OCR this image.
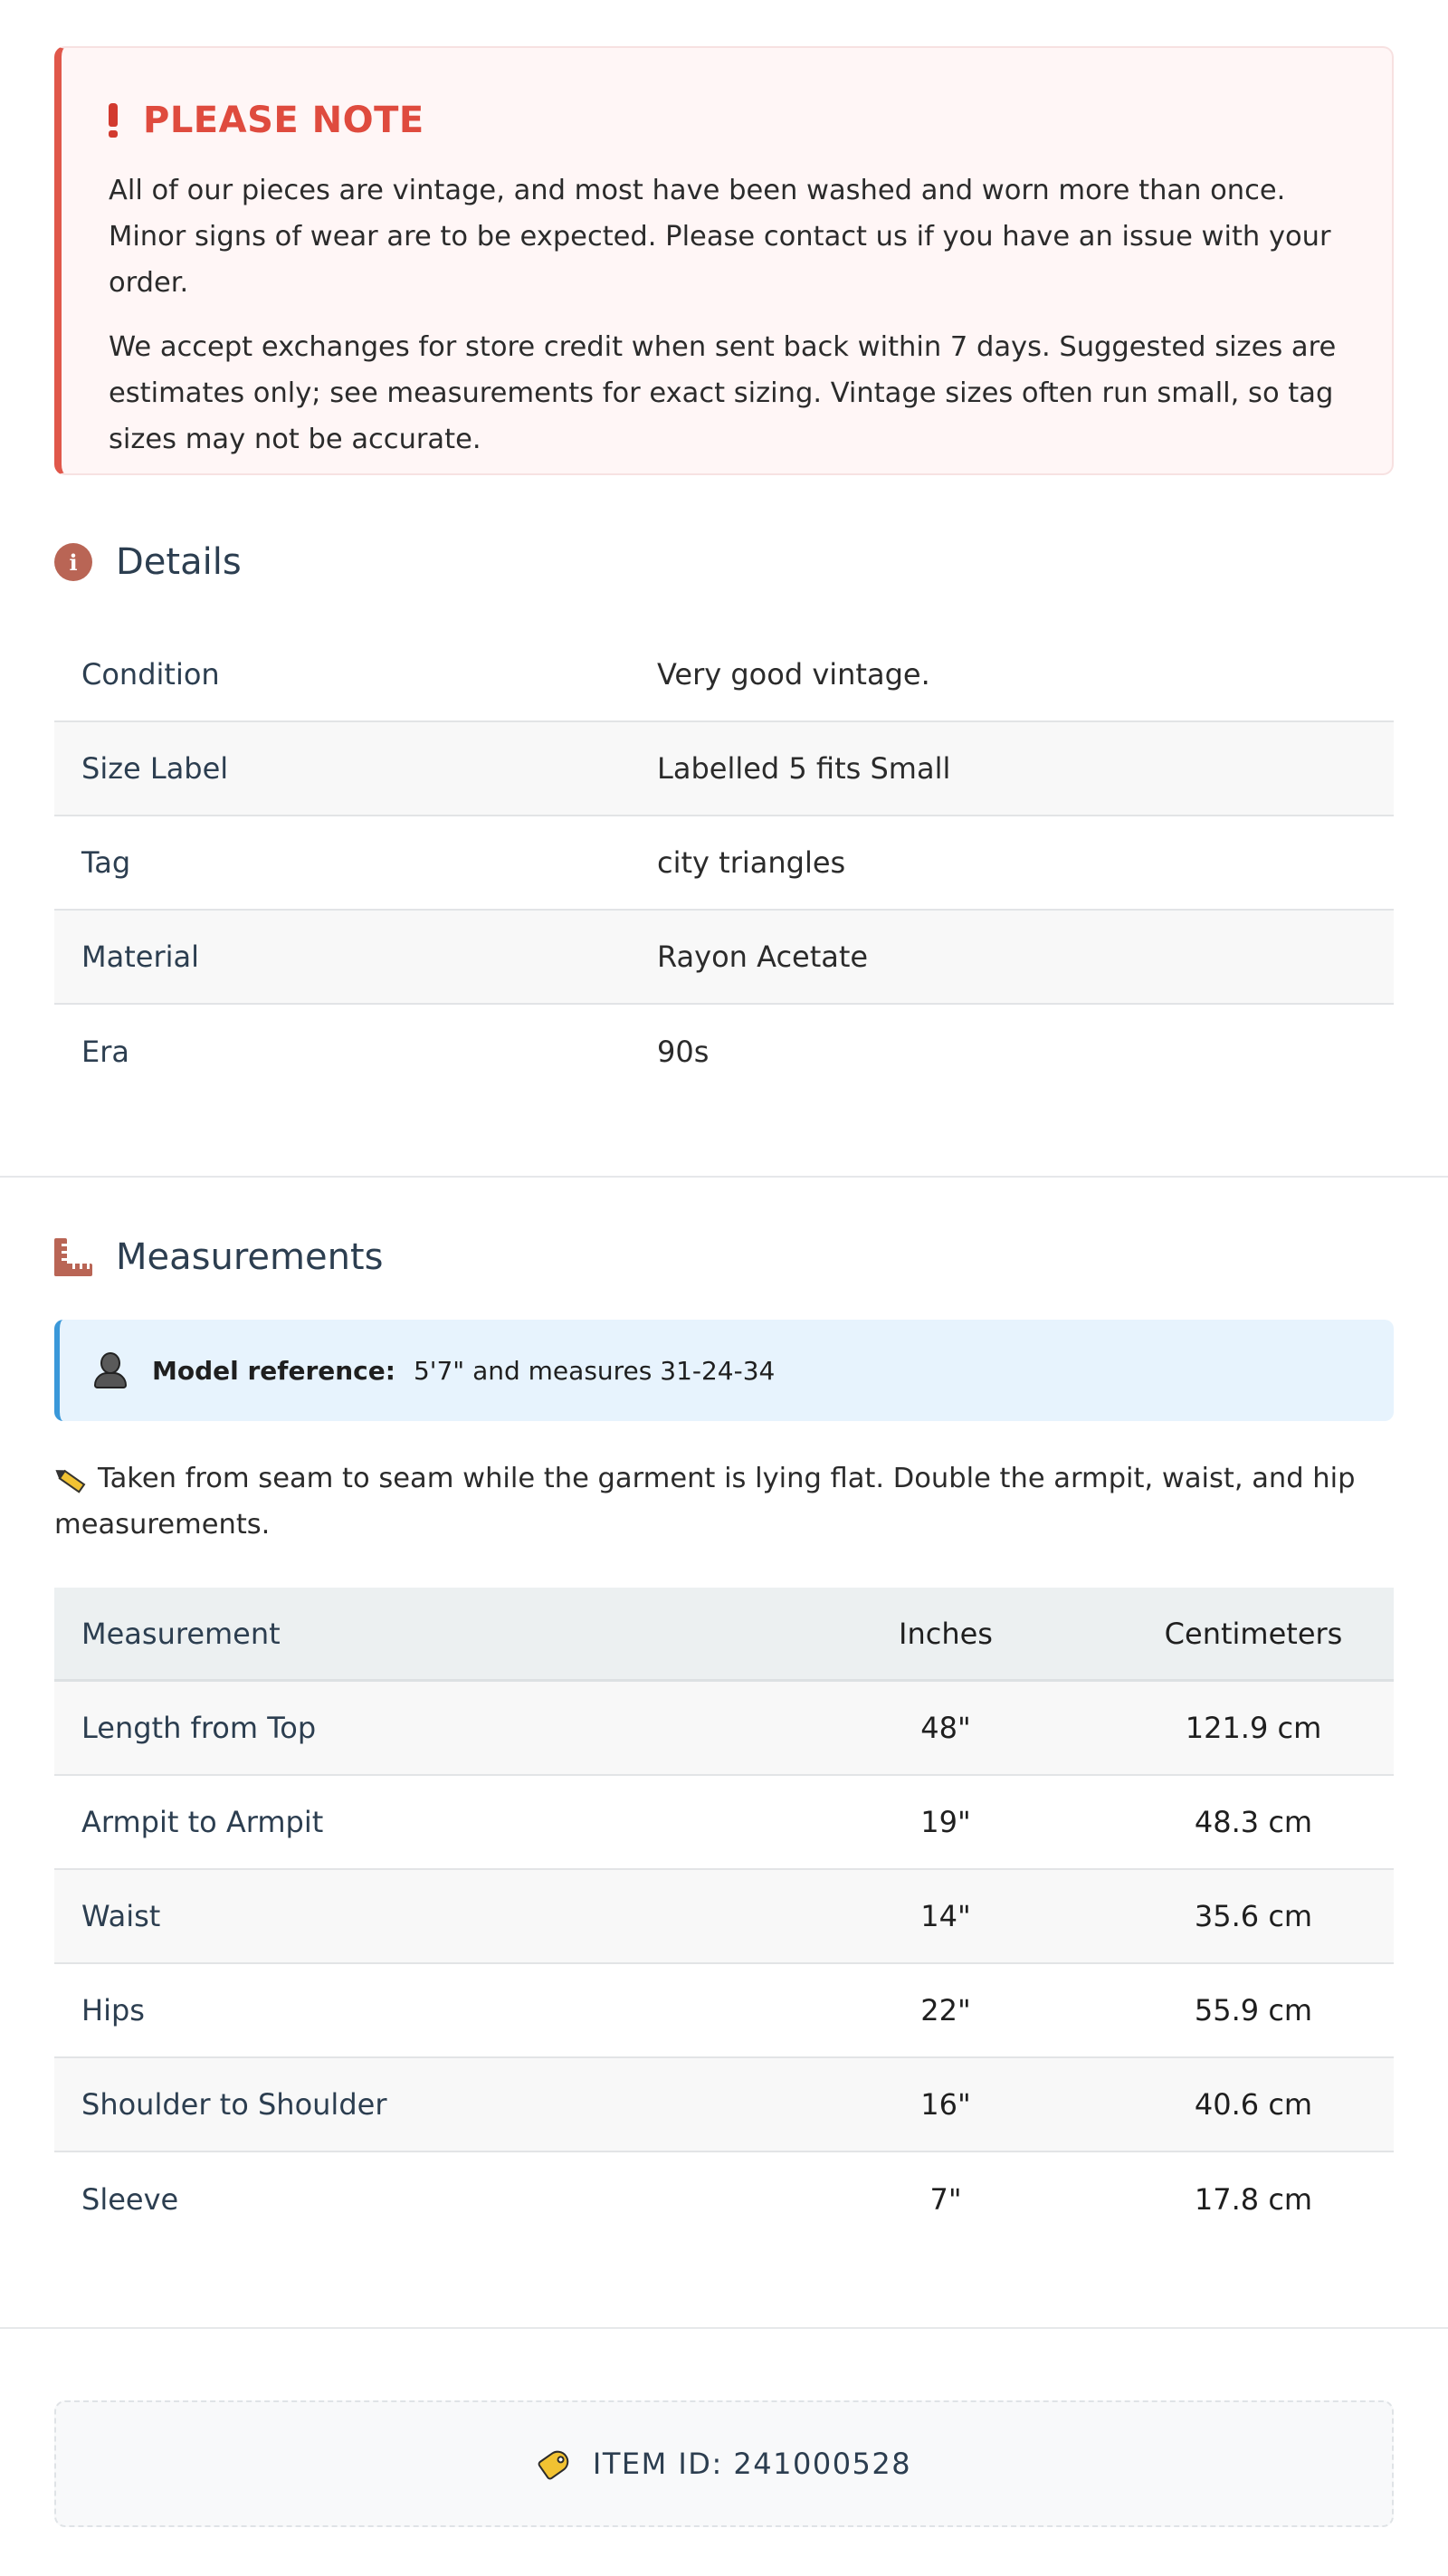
PLEASE NOTE

All of our pieces are vintage, and most have been washed and worn more than once. Minor signs of wear are to be expected. Please contact us if you have an issue with your order.

We accept exchanges for store credit when sent back within 7 days. Suggested sizes are estimates only; see measurements for exact sizing. Vintage sizes often run small, so tag sizes may not be accurate.

i	Details
Condition	Very good vintage.
Size Label	Labelled 5 fits Small
Tag	city triangles
Material	Rayon Acetate
Era	90s
Measurements
Model reference: 5'7" and measures 31-24-34
Taken from seam to seam while the garment is lying flat. Double the armpit, waist, and hip measurements.
Measurement	Inches	Centimeters
Length from Top	48"	121.9 cm
Armpit to Armpit	19"	48.3 cm
Waist	14"	35.6 cm
Hips	22"	55.9 cm
Shoulder to Shoulder	16"	40.6 cm
Sleeve	7"	17.8 cm
ITEM ID: 241000528
